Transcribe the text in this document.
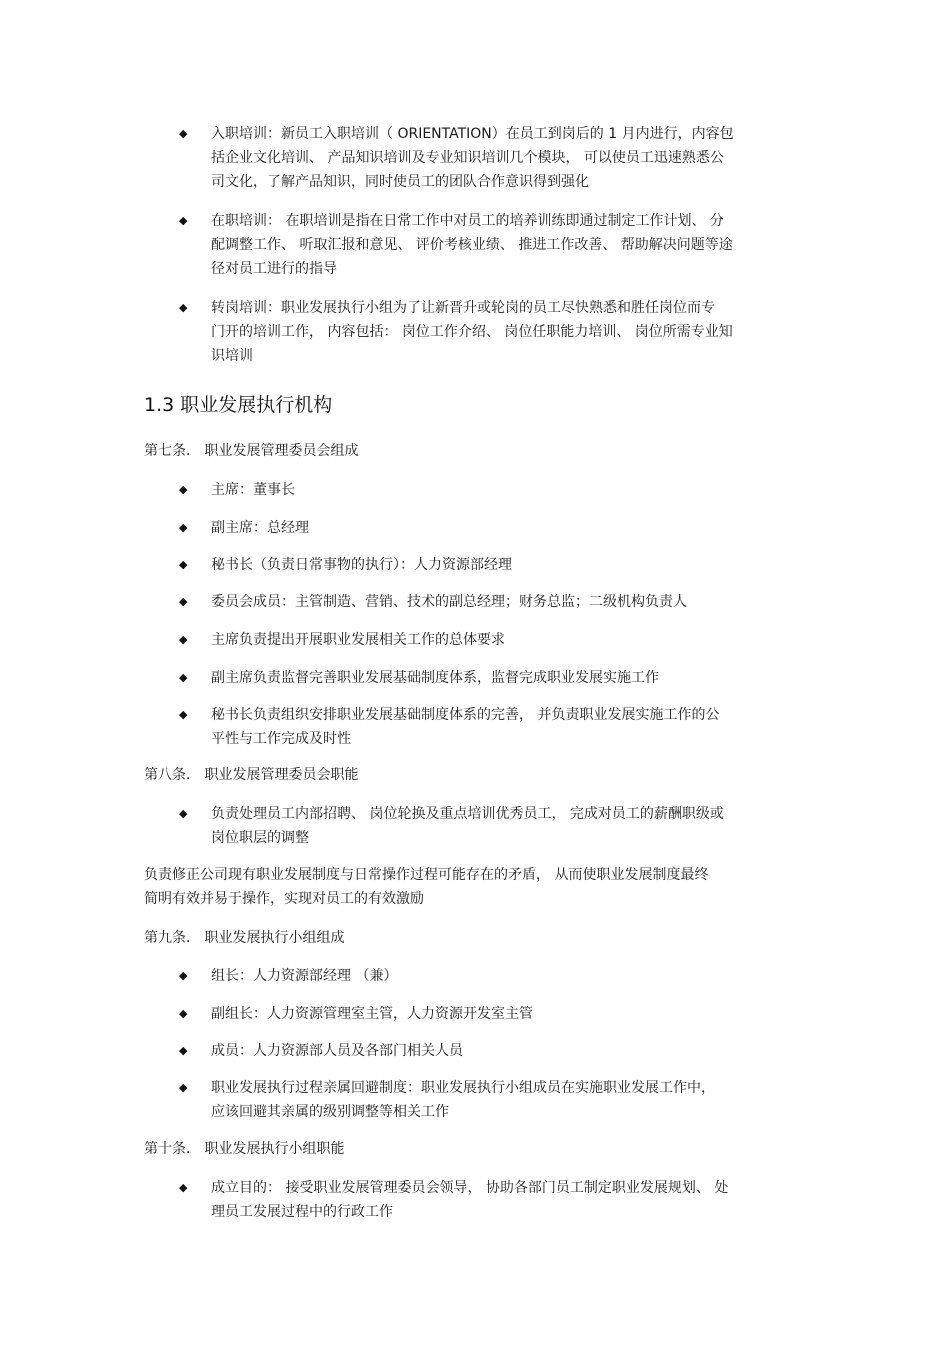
◆ 入职培训：新员工入职培训（ ORIENTATION）在员工到岗后的 1 月内进行，内容包
括企业文化培训、 产品知识培训及专业知识培训几个模块， 可以使员工迅速熟悉公
司文化，了解产品知识，同时使员工的团队合作意识得到强化
◆ 在职培训： 在职培训是指在日常工作中对员工的培养训练即通过制定工作计划、 分
配调整工作、 听取汇报和意见、 评价考核业绩、 推进工作改善、 帮助解决问题等途
径对员工进行的指导
◆ 转岗培训：职业发展执行小组为了让新晋升或轮岗的员工尽快熟悉和胜任岗位而专
门开的培训工作， 内容包括： 岗位工作介绍、 岗位任职能力培训、 岗位所需专业知
识培训
1.3 职业发展执行机构
第七条． 职业发展管理委员会组成
◆ 主席：董事长
◆ 副主席：总经理
◆ 秘书长（负责日常事物的执行）：人力资源部经理
◆ 委员会成员：主管制造、营销、技术的副总经理；财务总监；二级机构负责人
◆ 主席负责提出开展职业发展相关工作的总体要求
◆ 副主席负责监督完善职业发展基础制度体系，监督完成职业发展实施工作
◆ 秘书长负责组织安排职业发展基础制度体系的完善， 并负责职业发展实施工作的公
平性与工作完成及时性
第八条． 职业发展管理委员会职能
◆ 负责处理员工内部招聘、 岗位轮换及重点培训优秀员工， 完成对员工的薪酬职级或
岗位职层的调整
负责修正公司现有职业发展制度与日常操作过程可能存在的矛盾， 从而使职业发展制度最终
简明有效并易于操作，实现对员工的有效激励
第九条． 职业发展执行小组组成
◆ 组长：人力资源部经理 （兼）
◆ 副组长：人力资源管理室主管，人力资源开发室主管
◆ 成员：人力资源部人员及各部门相关人员
◆ 职业发展执行过程亲属回避制度：职业发展执行小组成员在实施职业发展工作中，
应该回避其亲属的级别调整等相关工作
第十条． 职业发展执行小组职能
◆ 成立目的： 接受职业发展管理委员会领导， 协助各部门员工制定职业发展规划、 处
理员工发展过程中的行政工作
